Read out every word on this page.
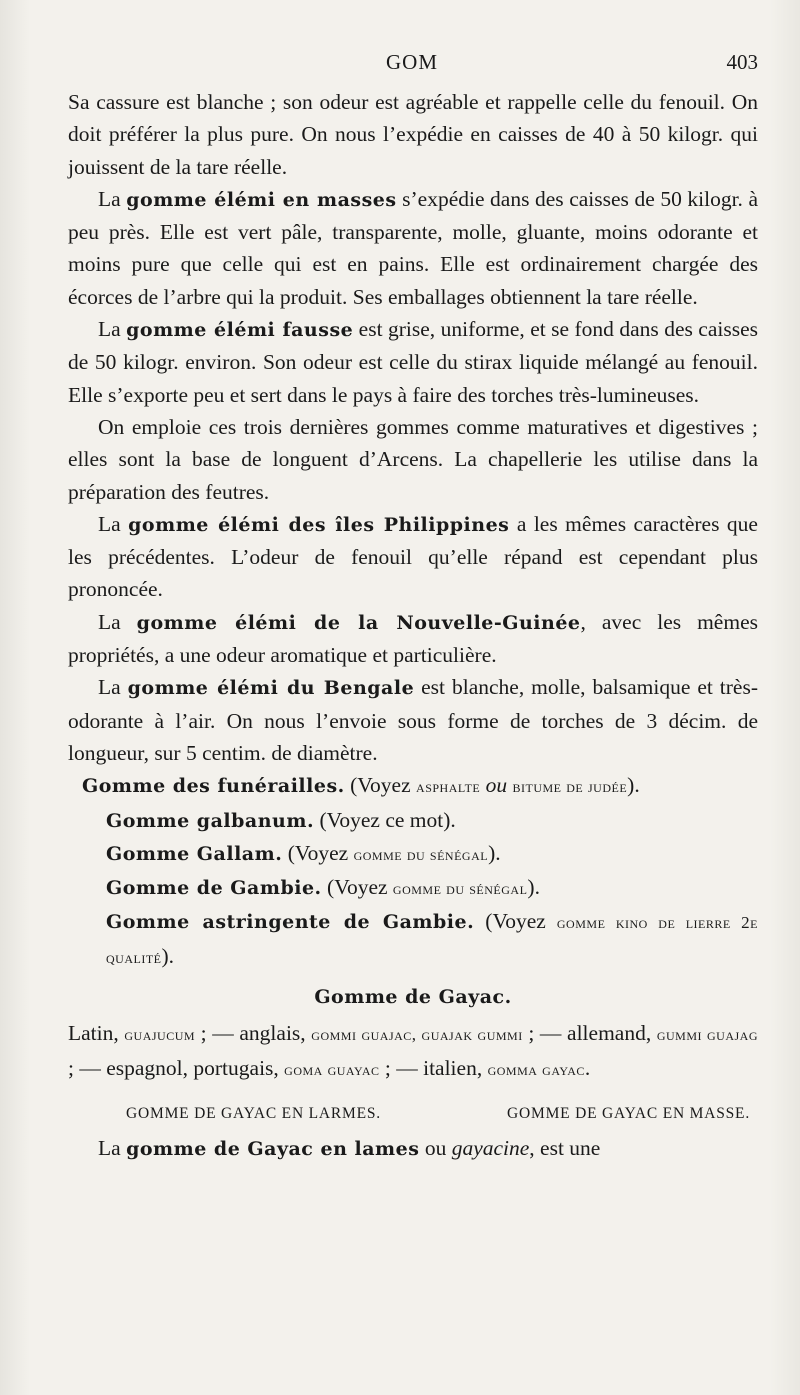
GOM	403

Sa cassure est blanche ; son odeur est agréable et rappelle celle du fenouil. On doit préférer la plus pure. On nous l’expédie en caisses de 40 à 50 kilogr. qui jouissent de la tare réelle.

La gomme élémi en masses s’expédie dans des caisses de 50 kilogr. à peu près. Elle est vert pâle, transparente, molle, gluante, moins odorante et moins pure que celle qui est en pains. Elle est ordinairement chargée des écorces de l’arbre qui la produit. Ses emballages obtiennent la tare réelle.

La gomme élémi fausse est grise, uniforme, et se fond dans des caisses de 50 kilogr. environ. Son odeur est celle du stirax liquide mélangé au fenouil. Elle s’exporte peu et sert dans le pays à faire des torches très-lumineuses.

On emploie ces trois dernières gommes comme maturatives et digestives ; elles sont la base de longuent d’Arcens. La chapellerie les utilise dans la préparation des feutres.

La gomme élémi des îles Philippines a les mêmes caractères que les précédentes. L’odeur de fenouil qu’elle répand est cependant plus prononcée.

La gomme élémi de la Nouvelle-Guinée, avec les mêmes propriétés, a une odeur aromatique et particulière.

La gomme élémi du Bengale est blanche, molle, balsamique et très-odorante à l’air. On nous l’envoie sous forme de torches de 3 décim. de longueur, sur 5 centim. de diamètre.

Gomme des funérailles. (Voyez asphalte ou bitume de judée).

Gomme galbanum. (Voyez ce mot).

Gomme Gallam. (Voyez gomme du sénégal).

Gomme de Gambie. (Voyez gomme du sénégal).

Gomme astringente de Gambie. (Voyez gomme kino de lierre 2e qualité).

Gomme de Gayac.

Latin, guajucum ; — anglais, gommi guajac, guajak gummi ; — allemand, gummi guajag ; — espagnol, portugais, goma guayac ; — italien, gomma gayac.

GOMME DE GAYAC EN LARMES.	GOMME DE GAYAC EN MASSE.

La gomme de Gayac en lames ou gayacine, est une
